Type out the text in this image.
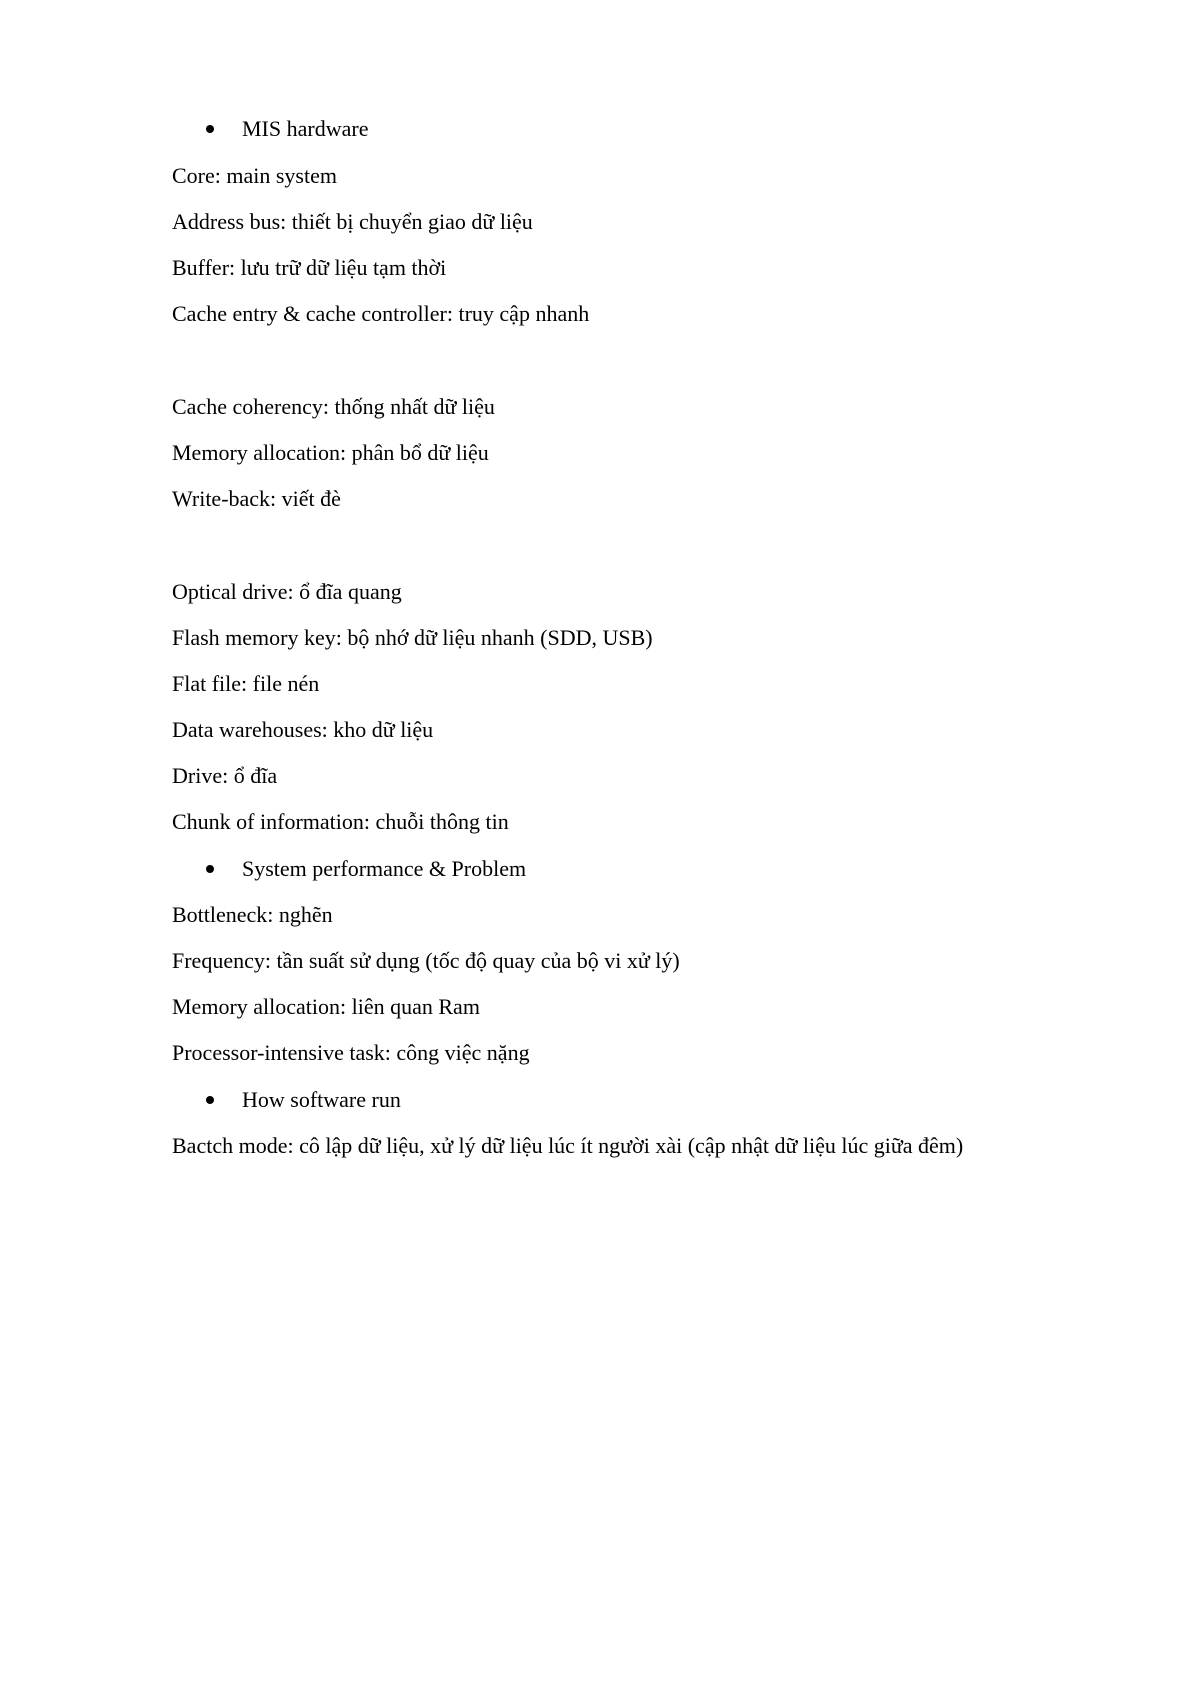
MIS hardware
Core: main system
Address bus: thiết bị chuyển giao dữ liệu
Buffer: lưu trữ dữ liệu tạm thời
Cache entry & cache controller: truy cập nhanh
Cache coherency: thống nhất dữ liệu
Memory allocation: phân bổ dữ liệu
Write-back: viết đè
Optical drive: ổ đĩa quang
Flash memory key: bộ nhớ dữ liệu nhanh (SDD, USB)
Flat file: file nén
Data warehouses: kho dữ liệu
Drive: ổ đĩa
Chunk of information: chuỗi thông tin
System performance & Problem
Bottleneck: nghẽn
Frequency: tần suất sử dụng (tốc độ quay của bộ vi xử lý)
Memory allocation: liên quan Ram
Processor-intensive task: công việc nặng
How software run
Bactch mode: cô lập dữ liệu, xử lý dữ liệu lúc ít người xài (cập nhật dữ liệu lúc giữa đêm)
